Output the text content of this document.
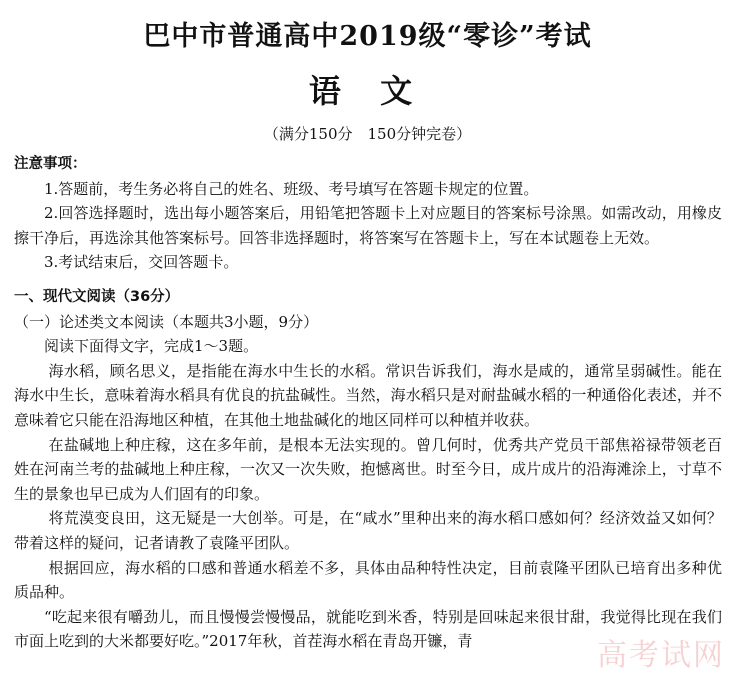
巴中市普通高中2019级“零诊”考试
语 文
（满分150分　150分钟完卷）

注意事项：

1.答题前，考生务必将自己的姓名、班级、考号填写在答题卡规定的位置。

2.回答选择题时，选出每小题答案后，用铅笔把答题卡上对应题目的答案标号涂黑。如需改动，用橡皮擦干净后，再选涂其他答案标号。回答非选择题时，将答案写在答题卡上，写在本试题卷上无效。

3.考试结束后，交回答题卡。

一、现代文阅读（36分）

（一）论述类文本阅读（本题共3小题，9分）

阅读下面得文字，完成1～3题。

海水稻，顾名思义，是指能在海水中生长的水稻。常识告诉我们，海水是咸的，通常呈弱碱性。能在海水中生长，意味着海水稻具有优良的抗盐碱性。当然，海水稻只是对耐盐碱水稻的一种通俗化表述，并不意味着它只能在沿海地区种植，在其他土地盐碱化的地区同样可以种植并收获。

在盐碱地上种庄稼，这在多年前，是根本无法实现的。曾几何时，优秀共产党员干部焦裕禄带领老百姓在河南兰考的盐碱地上种庄稼，一次又一次失败，抱憾离世。时至今日，成片成片的沿海滩涂上，寸草不生的景象也早已成为人们固有的印象。

将荒漠变良田，这无疑是一大创举。可是，在“咸水”里种出来的海水稻口感如何？经济效益又如何？带着这样的疑问，记者请教了袁隆平团队。

根据回应，海水稻的口感和普通水稻差不多，具体由品种特性决定，目前袁隆平团队已培育出多种优质品种。

“吃起来很有嚼劲儿，而且慢慢尝慢慢品，就能吃到米香，特别是回味起来很甘甜，我觉得比现在我们市面上吃到的大米都要好吃。”2017年秋，首茬海水稻在青岛开镰，青	高考试网
